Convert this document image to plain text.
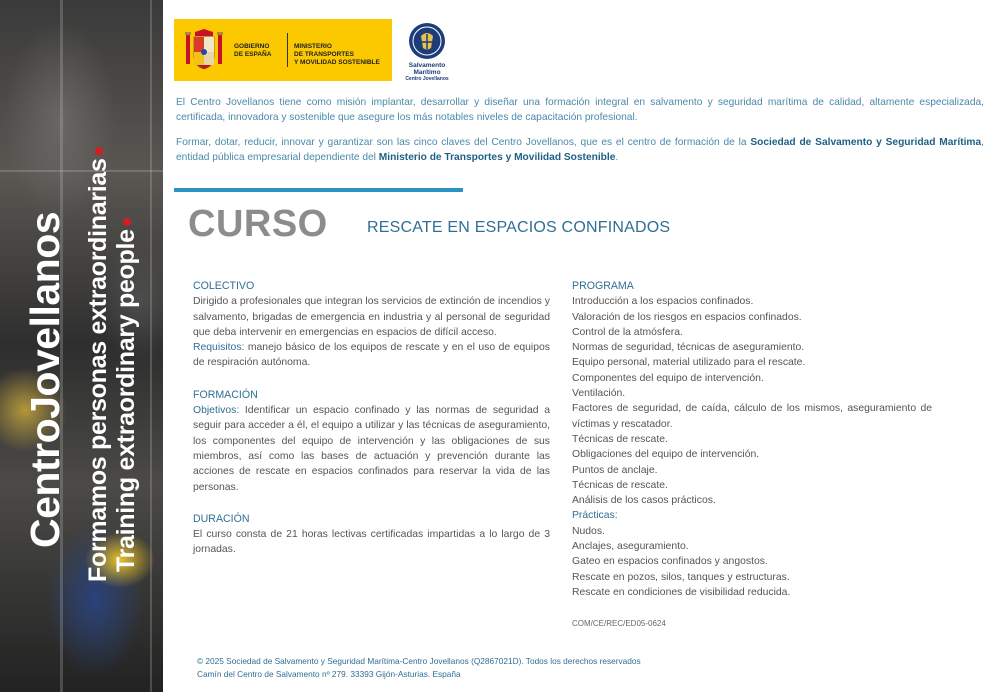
CentroJovellanos Formamos personas extraordinarias Training extraordinary people
GOBIERNO
DE ESPAÑA
MINISTERIO
DE TRANSPORTES
Y MOVILIDAD SOSTENIBLE	Salvamento Marítimo
Centro Jovellanos

El Centro Jovellanos tiene como misión implantar, desarrollar y diseñar una formación integral en salvamento y seguridad marítima de calidad, altamente especializada, certificada, innovadora y sostenible que asegure los más notables niveles de capacitación profesional.

Formar, dotar, reducir, innovar y garantizar son las cinco claves del Centro Jovellanos, que es el centro de formación de la Sociedad de Salvamento y Seguridad Marítima, entidad pública empresarial dependiente del Ministerio de Transportes y Movilidad Sostenible.

CURSO RESCATE EN ESPACIOS CONFINADOS
COLECTIVO

Dirigido a profesionales que integran los servicios de extinción de incendios y salvamento, brigadas de emergencia en industria y al personal de seguridad que deba intervenir en emergencias en espacios de difícil acceso.

Requisitos: manejo básico de los equipos de rescate y en el uso de equipos de respiración autónoma.

FORMACIÓN

Objetivos: Identificar un espacio confinado y las normas de seguridad a seguir para acceder a él, el equipo a utilizar y las técnicas de aseguramiento, los componentes del equipo de intervención y las obligaciones de sus miembros, así como las bases de actuación y prevención durante las acciones de rescate en espacios confinados para reservar la vida de las personas.

DURACIÓN

El curso consta de 21 horas lectivas certificadas impartidas a lo largo de 3 jornadas.

PROGRAMA

Introducción a los espacios confinados.

Valoración de los riesgos en espacios confinados.

Control de la atmósfera.

Normas de seguridad, técnicas de aseguramiento.

Equipo personal, material utilizado para el rescate.

Componentes del equipo de intervención.

Ventilación.

Factores de seguridad, de caída, cálculo de los mismos, aseguramiento de víctimas y rescatador.

Técnicas de rescate.

Obligaciones del equipo de intervención.

Puntos de anclaje.

Técnicas de rescate.

Análisis de los casos prácticos.

Prácticas:

Nudos.

Anclajes, aseguramiento.

Gateo en espacios confinados y angostos.

Rescate en pozos, silos, tanques y estructuras.

Rescate en condiciones de visibilidad reducida.

COM/CE/REC/ED05-0624
© 2025 Sociedad de Salvamento y Seguridad Marítima-Centro Jovellanos (Q2867021D). Todos los derechos reservados
Camín del Centro de Salvamento nº 279. 33393 Gijón-Asturias. España
